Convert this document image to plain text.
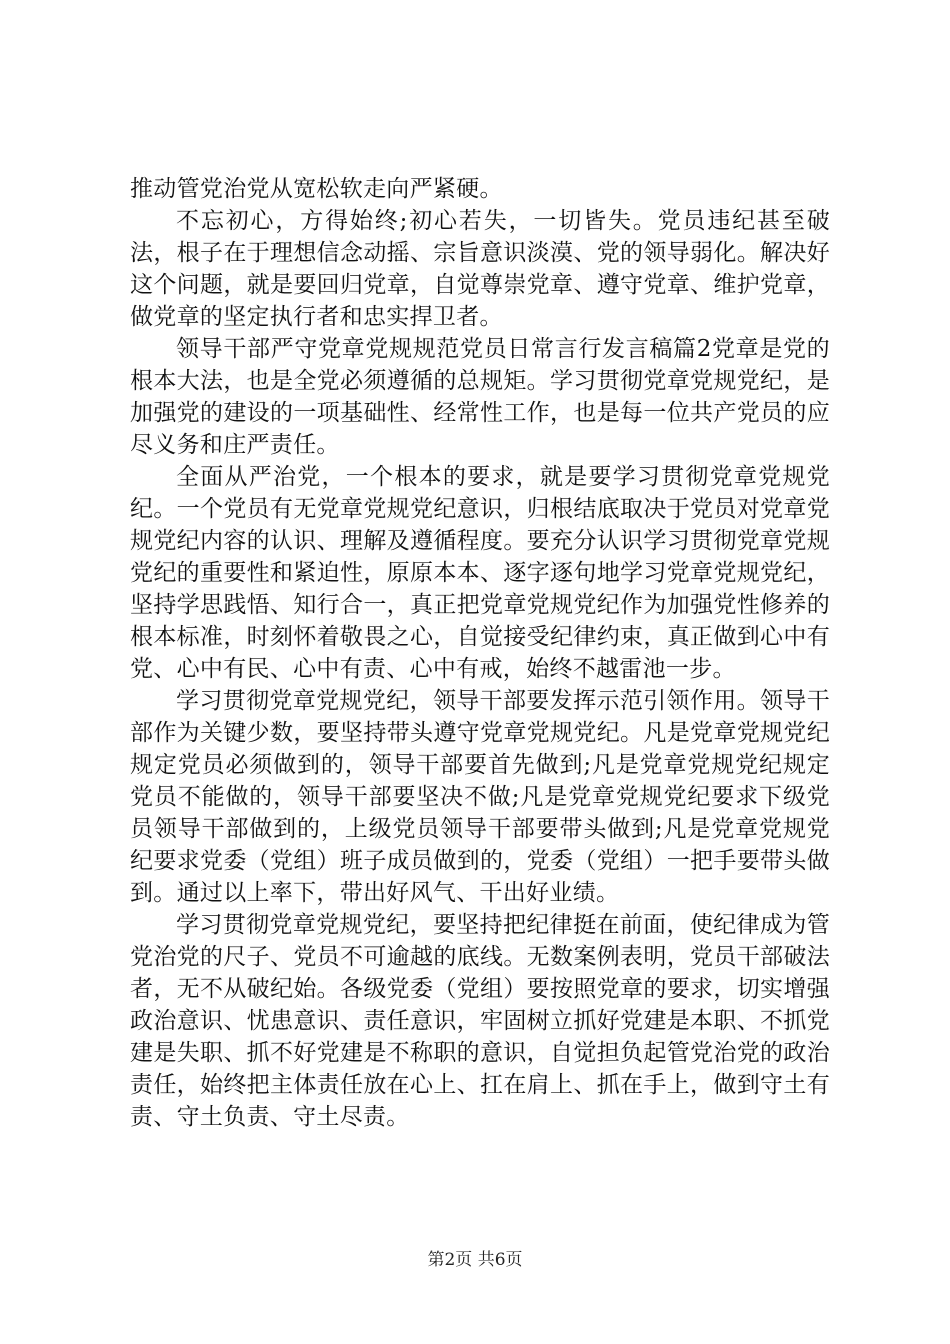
推动管党治党从宽松软走向严紧硬。

不忘初心，方得始终;初心若失，一切皆失。党员违纪甚至破法，根子在于理想信念动摇、宗旨意识淡漠、党的领导弱化。解决好这个问题，就是要回归党章，自觉尊崇党章、遵守党章、维护党章，做党章的坚定执行者和忠实捍卫者。

领导干部严守党章党规规范党员日常言行发言稿篇2党章是党的根本大法，也是全党必须遵循的总规矩。学习贯彻党章党规党纪，是加强党的建设的一项基础性、经常性工作，也是每一位共产党员的应尽义务和庄严责任。

全面从严治党，一个根本的要求，就是要学习贯彻党章党规党纪。一个党员有无党章党规党纪意识，归根结底取决于党员对党章党规党纪内容的认识、理解及遵循程度。要充分认识学习贯彻党章党规党纪的重要性和紧迫性，原原本本、逐字逐句地学习党章党规党纪，坚持学思践悟、知行合一，真正把党章党规党纪作为加强党性修养的根本标准，时刻怀着敬畏之心，自觉接受纪律约束，真正做到心中有党、心中有民、心中有责、心中有戒，始终不越雷池一步。

学习贯彻党章党规党纪，领导干部要发挥示范引领作用。领导干部作为关键少数，要坚持带头遵守党章党规党纪。凡是党章党规党纪规定党员必须做到的，领导干部要首先做到;凡是党章党规党纪规定党员不能做的，领导干部要坚决不做;凡是党章党规党纪要求下级党员领导干部做到的，上级党员领导干部要带头做到;凡是党章党规党纪要求党委（党组）班子成员做到的，党委（党组）一把手要带头做到。通过以上率下，带出好风气、干出好业绩。

学习贯彻党章党规党纪，要坚持把纪律挺在前面，使纪律成为管党治党的尺子、党员不可逾越的底线。无数案例表明，党员干部破法者，无不从破纪始。各级党委（党组）要按照党章的要求，切实增强政治意识、忧患意识、责任意识，牢固树立抓好党建是本职、不抓党建是失职、抓不好党建是不称职的意识，自觉担负起管党治党的政治责任，始终把主体责任放在心上、扛在肩上、抓在手上，做到守土有责、守土负责、守土尽责。

第2页 共6页
